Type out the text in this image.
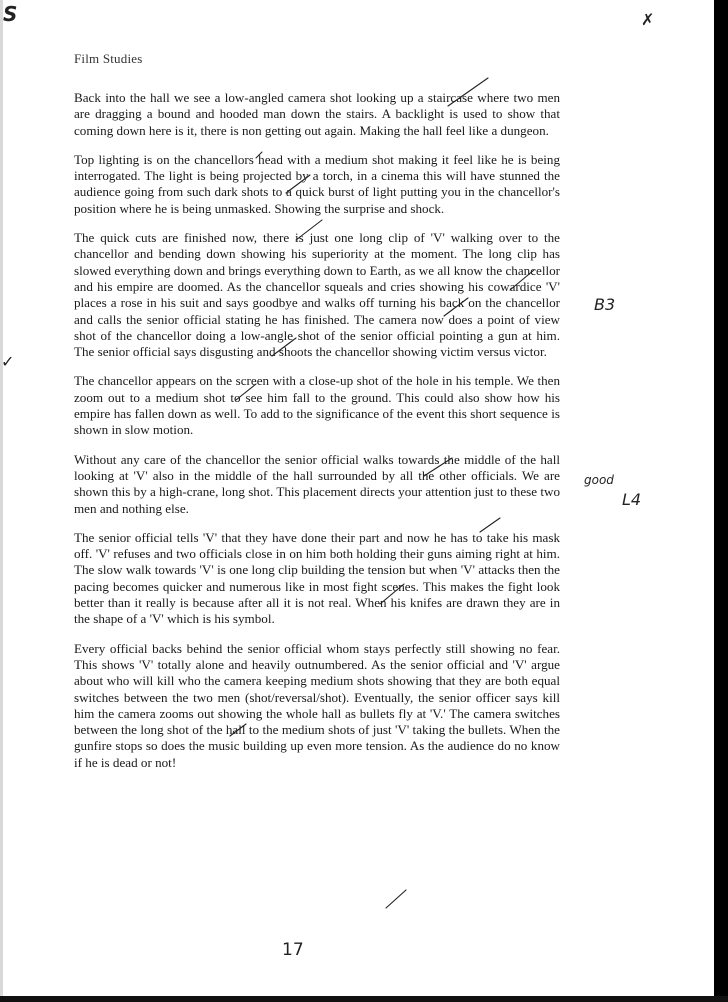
Film Studies

Back into the hall we see a low-angled camera shot looking up a staircase where two men are dragging a bound and hooded man down the stairs. A backlight is used to show that coming down here is it, there is non getting out again. Making the hall feel like a dungeon.

Top lighting is on the chancellors head with a medium shot making it feel like he is being interrogated. The light is being projected by a torch, in a cinema this will have stunned the audience going from such dark shots to a quick burst of light putting you in the chancellor's position where he is being unmasked. Showing the surprise and shock.

The quick cuts are finished now, there is just one long clip of 'V' walking over to the chancellor and bending down showing his superiority at the moment. The long clip has slowed everything down and brings everything down to Earth, as we all know the chancellor and his empire are doomed. As the chancellor squeals and cries showing his cowardice 'V' places a rose in his suit and says goodbye and walks off turning his back on the chancellor and calls the senior official stating he has finished. The camera now does a point of view shot of the chancellor doing a low-angle shot of the senior official pointing a gun at him. The senior official says disgusting and shoots the chancellor showing victim versus victor.

The chancellor appears on the screen with a close-up shot of the hole in his temple. We then zoom out to a medium shot to see him fall to the ground. This could also show how his empire has fallen down as well. To add to the significance of the event this short sequence is shown in slow motion.

Without any care of the chancellor the senior official walks towards the middle of the hall looking at 'V' also in the middle of the hall surrounded by all the other officials. We are shown this by a high-crane, long shot. This placement directs your attention just to these two men and nothing else.

The senior official tells 'V' that they have done their part and now he has to take his mask off. 'V' refuses and two officials close in on him both holding their guns aiming right at him. The slow walk towards 'V' is one long clip building the tension but when 'V' attacks then the pacing becomes quicker and numerous like in most fight scenes. This makes the fight look better than it really is because after all it is not real. When his knifes are drawn they are in the shape of a 'V' which is his symbol.

Every official backs behind the senior official whom stays perfectly still showing no fear. This shows 'V' totally alone and heavily outnumbered. As the senior official and 'V' argue about who will kill who the camera keeping medium shots showing that they are both equal switches between the two men (shot/reversal/shot). Eventually, the senior officer says kill him the camera zooms out showing the whole hall as bullets fly at 'V.' The camera switches between the long shot of the hall to the medium shots of just 'V' taking the bullets. When the gunfire stops so does the music building up even more tension. As the audience do no know if he is dead or not!

17
S	✗
✓
B3
good
L4
